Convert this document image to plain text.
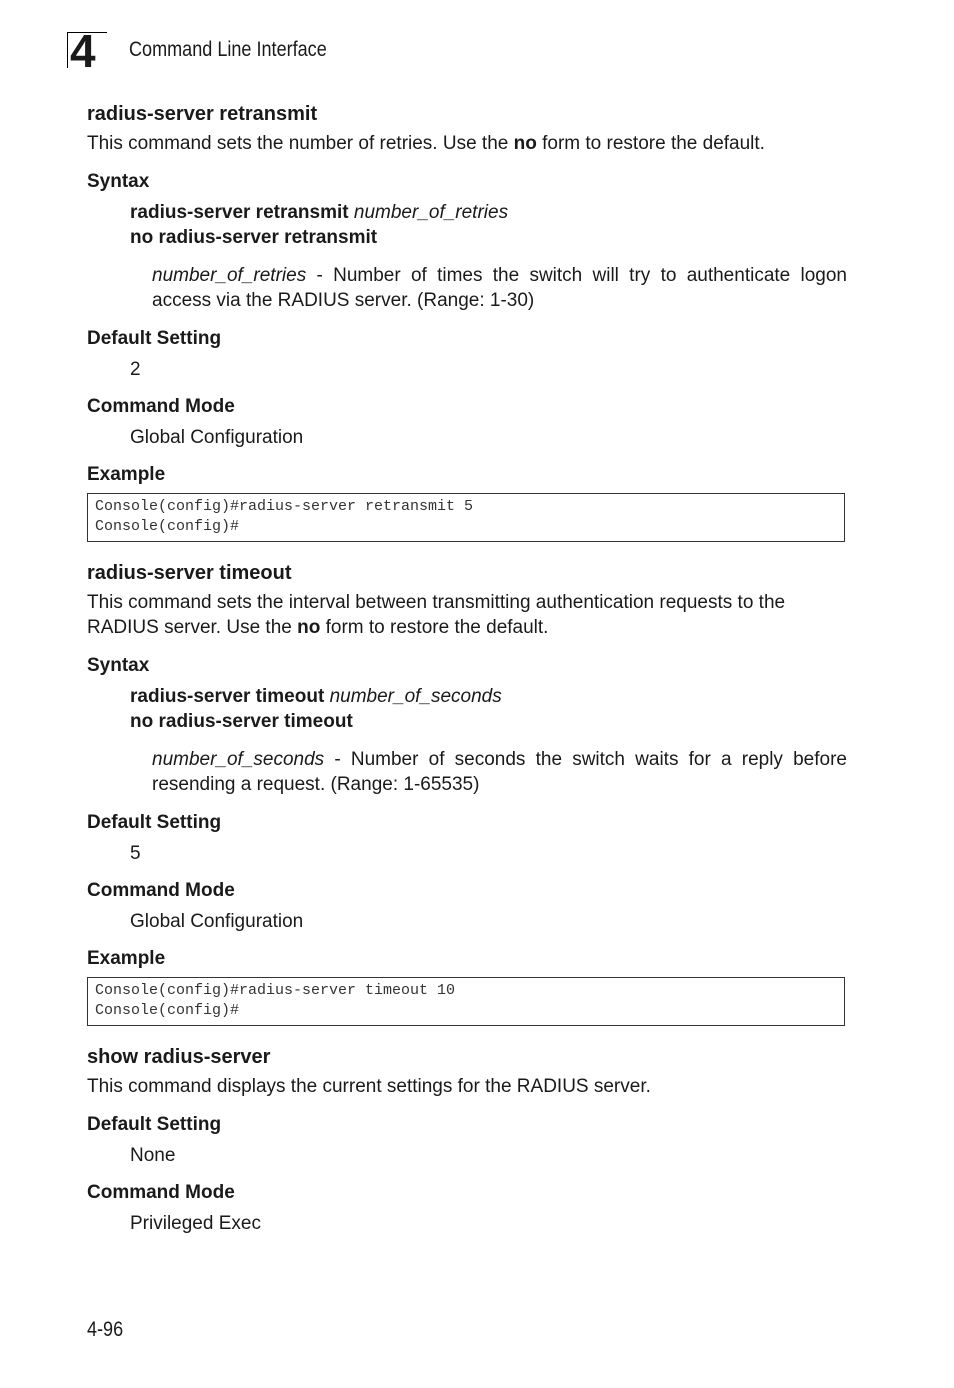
4	Command Line Interface
radius-server retransmit

This command sets the number of retries. Use the no form to restore the default.

Syntax

radius-server retransmit number_of_retries

no radius-server retransmit

number_of_retries - Number of times the switch will try to authenticate logon access via the RADIUS server. (Range: 1-30)

Default Setting

2

Command Mode

Global Configuration

Example
Console(config)#radius-server retransmit 5
Console(config)#
radius-server timeout

This command sets the interval between transmitting authentication requests to the RADIUS server. Use the no form to restore the default.

Syntax

radius-server timeout number_of_seconds

no radius-server timeout

number_of_seconds - Number of seconds the switch waits for a reply before resending a request. (Range: 1-65535)

Default Setting

5

Command Mode

Global Configuration

Example
Console(config)#radius-server timeout 10
Console(config)#
show radius-server

This command displays the current settings for the RADIUS server.

Default Setting

None

Command Mode

Privileged Exec

4-96
